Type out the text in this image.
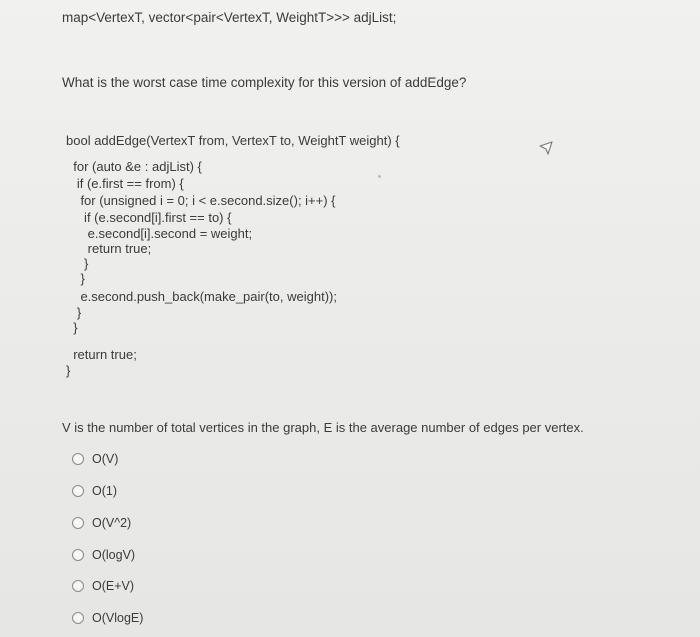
map<VertexT, vector<pair<VertexT, WeightT>>> adjList;
What is the worst case time complexity for this version of addEdge?
bool addEdge(VertexT from, VertexT to, WeightT weight) {
for (auto &e : adjList) {
if (e.first == from) {
for (unsigned i = 0; i < e.second.size(); i++) {
if (e.second[i].first == to) {
e.second[i].second = weight;
return true;
}
}
e.second.push_back(make_pair(to, weight));
}
}
return true;
}
V is the number of total vertices in the graph, E is the average number of edges per vertex.
O(V)
O(1)
O(V^2)
O(logV)
O(E+V)
O(VlogE)
